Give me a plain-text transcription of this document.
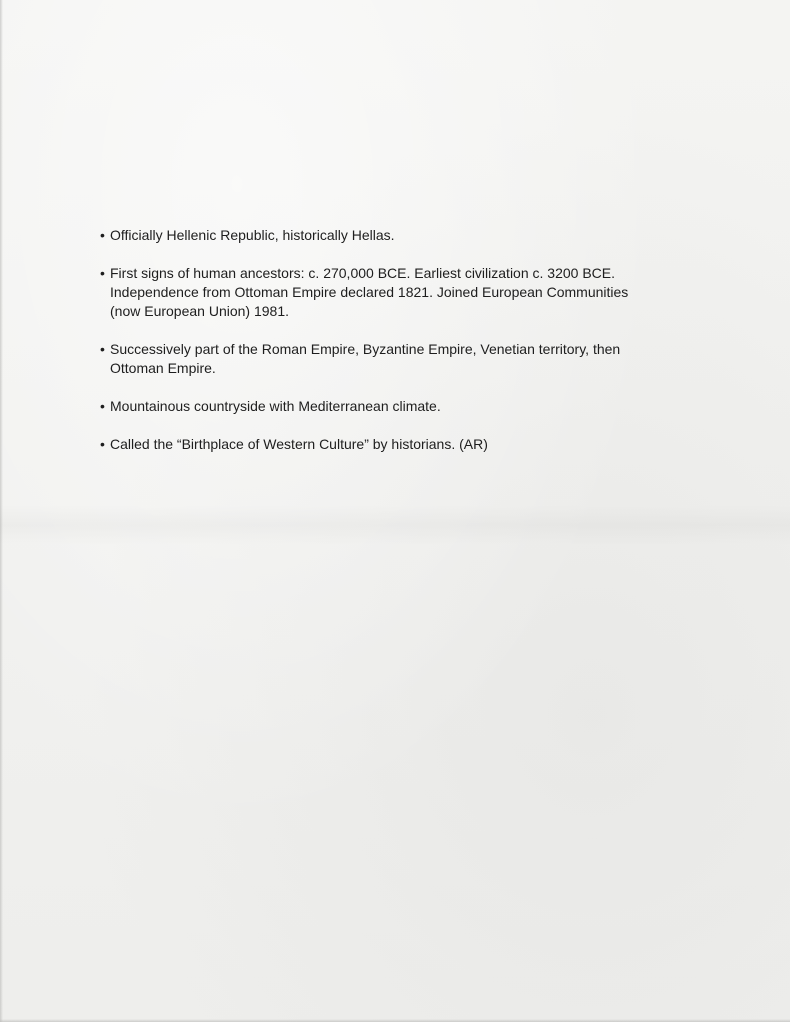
• Officially Hellenic Republic, historically Hellas.
• First signs of human ancestors: c. 270,000 BCE. Earliest civilization c. 3200 BCE. Independence from Ottoman Empire declared 1821. Joined European Communities (now European Union) 1981.
• Successively part of the Roman Empire, Byzantine Empire, Venetian territory, then Ottoman Empire.
• Mountainous countryside with Mediterranean climate.
• Called the “Birthplace of Western Culture” by historians. (AR)
